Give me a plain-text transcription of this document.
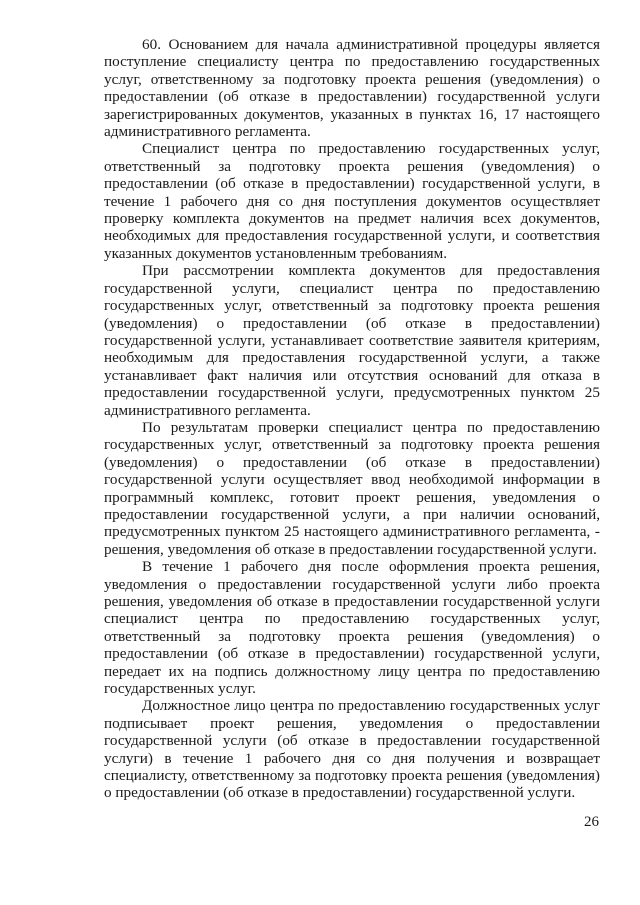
60. Основанием для начала административной процедуры является поступление специалисту центра по предоставлению государственных услуг, ответственному за подготовку проекта решения (уведомления) о предоставлении (об отказе в предоставлении) государственной услуги зарегистрированных документов, указанных в пунктах 16, 17 настоящего административного регламента.

Специалист центра по предоставлению государственных услуг, ответственный за подготовку проекта решения (уведомления) о предоставлении (об отказе в предоставлении) государственной услуги, в течение 1 рабочего дня со дня поступления документов осуществляет проверку комплекта документов на предмет наличия всех документов, необходимых для предоставления государственной услуги, и соответствия указанных документов установленным требованиям.

При рассмотрении комплекта документов для предоставления государственной услуги, специалист центра по предоставлению государственных услуг, ответственный за подготовку проекта решения (уведомления) о предоставлении (об отказе в предоставлении) государственной услуги, устанавливает соответствие заявителя критериям, необходимым для предоставления государственной услуги, а также устанавливает факт наличия или отсутствия оснований для отказа в предоставлении государственной услуги, предусмотренных пунктом 25 административного регламента.

По результатам проверки специалист центра по предоставлению государственных услуг, ответственный за подготовку проекта решения (уведомления) о предоставлении (об отказе в предоставлении) государственной услуги осуществляет ввод необходимой информации в программный комплекс, готовит проект решения, уведомления о предоставлении государственной услуги, а при наличии оснований, предусмотренных пунктом 25 настоящего административного регламента, - решения, уведомления об отказе в предоставлении государственной услуги.

В течение 1 рабочего дня после оформления проекта решения, уведомления о предоставлении государственной услуги либо проекта решения, уведомления об отказе в предоставлении государственной услуги специалист центра по предоставлению государственных услуг, ответственный за подготовку проекта решения (уведомления) о предоставлении (об отказе в предоставлении) государственной услуги, передает их на подпись должностному лицу центра по предоставлению государственных услуг.

Должностное лицо центра по предоставлению государственных услуг подписывает проект решения, уведомления о предоставлении государственной услуги (об отказе в предоставлении государственной услуги) в течение 1 рабочего дня со дня получения и возвращает специалисту, ответственному за подготовку проекта решения (уведомления) о предоставлении (об отказе в предоставлении) государственной услуги.

26
